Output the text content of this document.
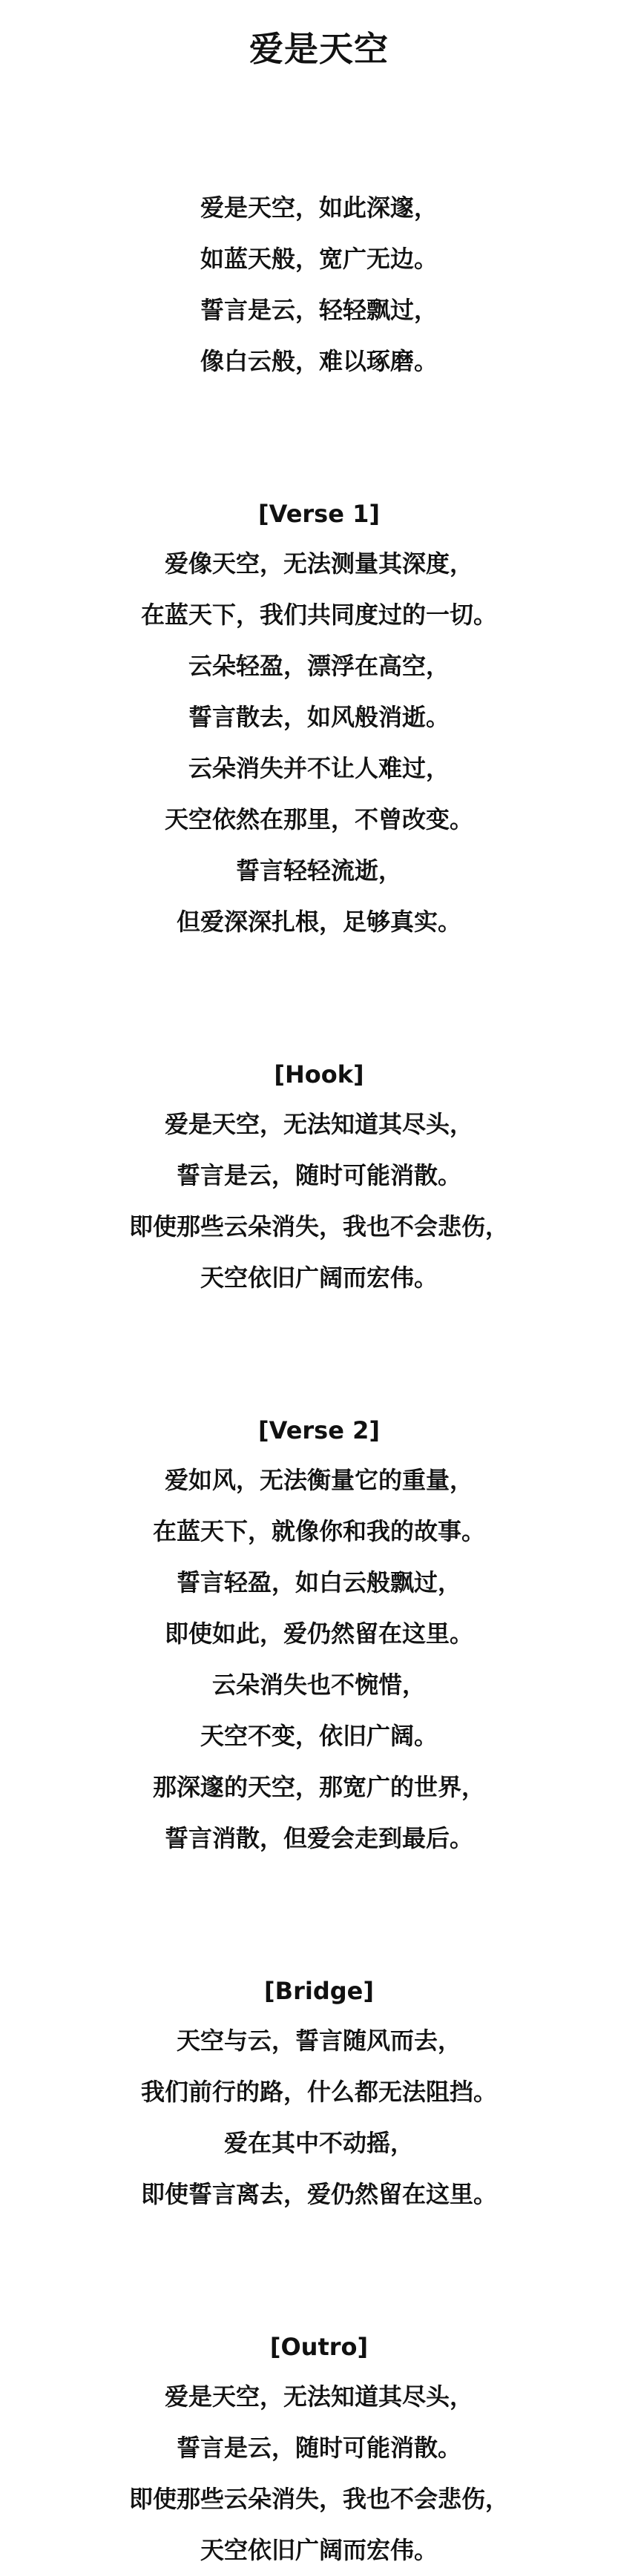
爱是天空

爱是天空，如此深邃，

如蓝天般，宽广无边。

誓言是云，轻轻飘过，

像白云般，难以琢磨。

[Verse 1]

爱像天空，无法测量其深度，

在蓝天下，我们共同度过的一切。

云朵轻盈，漂浮在高空，

誓言散去，如风般消逝。

云朵消失并不让人难过，

天空依然在那里，不曾改变。

誓言轻轻流逝，

但爱深深扎根，足够真实。

[Hook]

爱是天空，无法知道其尽头，

誓言是云，随时可能消散。

即使那些云朵消失，我也不会悲伤，

天空依旧广阔而宏伟。

[Verse 2]

爱如风，无法衡量它的重量，

在蓝天下，就像你和我的故事。

誓言轻盈，如白云般飘过，

即使如此，爱仍然留在这里。

云朵消失也不惋惜，

天空不变，依旧广阔。

那深邃的天空，那宽广的世界，

誓言消散，但爱会走到最后。

[Bridge]

天空与云，誓言随风而去，

我们前行的路，什么都无法阻挡。

爱在其中不动摇，

即使誓言离去，爱仍然留在这里。

[Outro]

爱是天空，无法知道其尽头，

誓言是云，随时可能消散。

即使那些云朵消失，我也不会悲伤，

天空依旧广阔而宏伟。
